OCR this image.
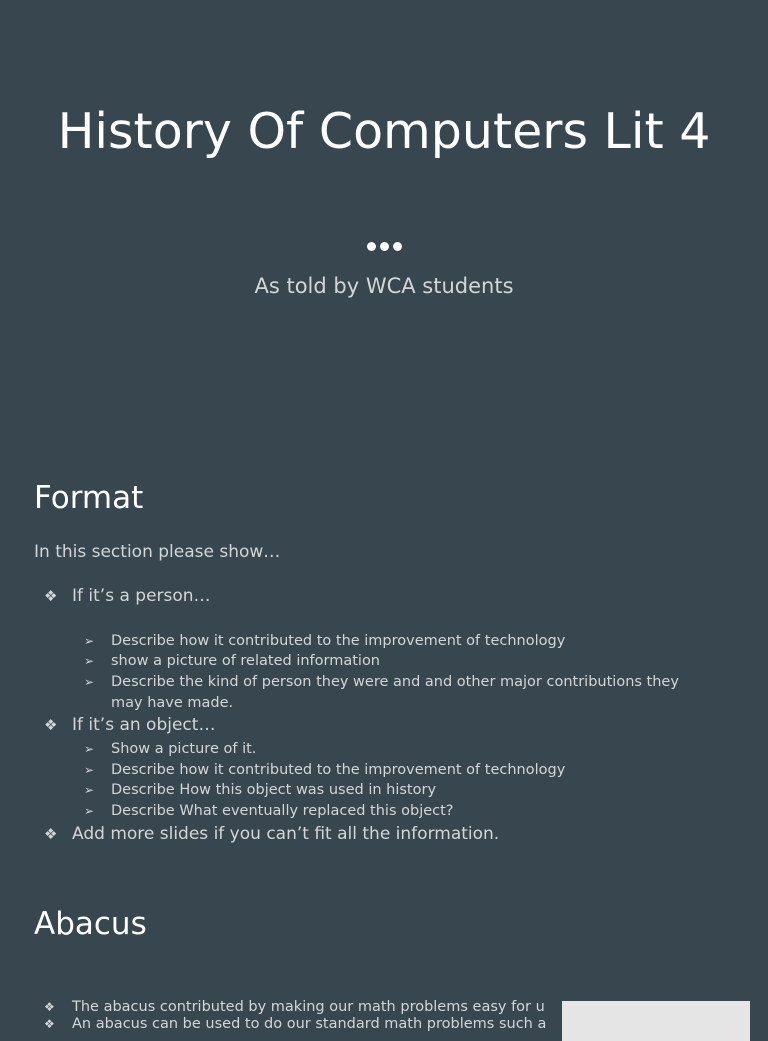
History Of Computers Lit 4

As told by WCA students

Format

In this section please show…

❖ If it’s a person…

➢	Describe how it contributed to the improvement of technology

➢	show a picture of related information

➢	Describe the kind of person they were and and other major contributions they may have made.

❖ If it’s an object…

➢	Show a picture of it.

➢	Describe how it contributed to the improvement of technology

➢	Describe How this object was used in history

➢	Describe What eventually replaced this object?

❖ Add more slides if you can’t fit all the information.

Abacus

❖ The abacus contributed by making our math problems easy for u

❖ An abacus can be used to do our standard math problems such a
